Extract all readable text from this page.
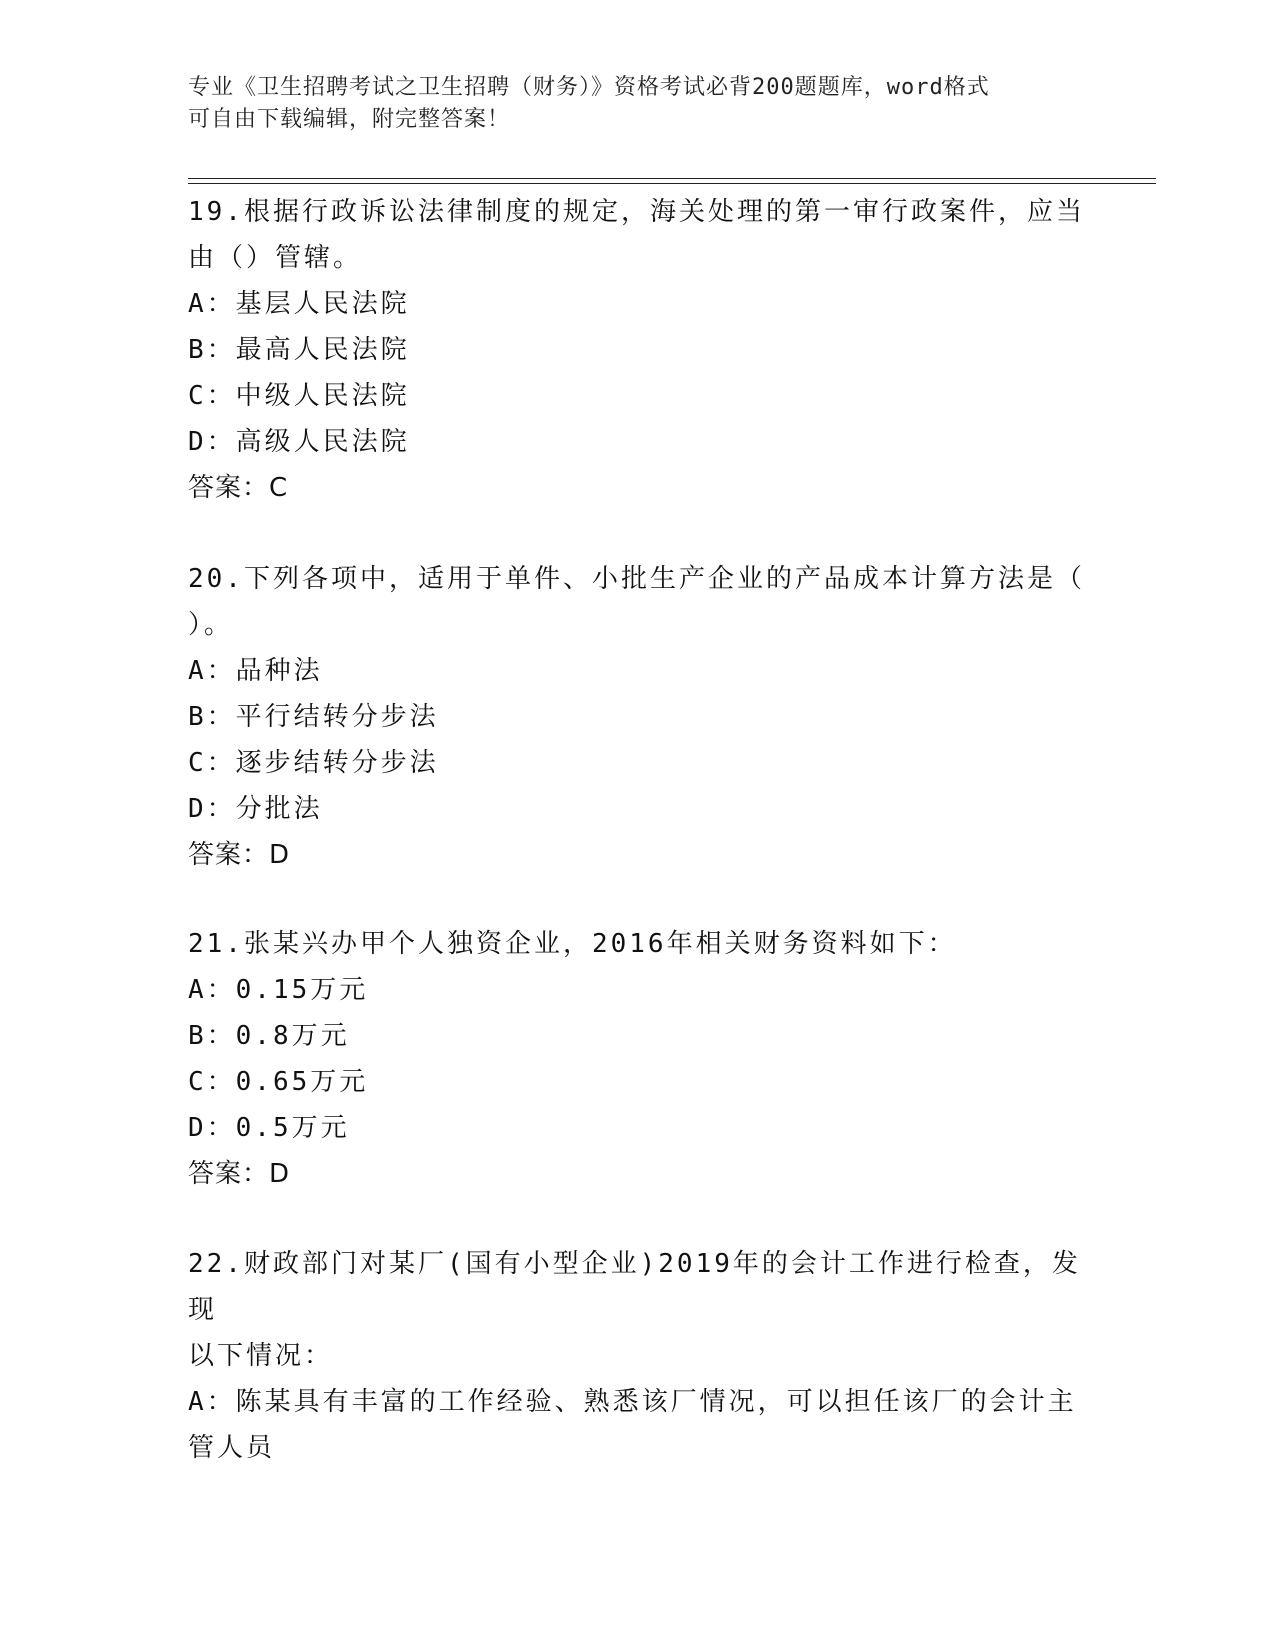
专业《卫生招聘考试之卫生招聘（财务）》资格考试必背200题题库，word格式
可自由下载编辑，附完整答案！

19.根据行政诉讼法律制度的规定，海关处理的第一审行政案件，应当

由（）管辖。

A：基层人民法院

B：最高人民法院

C：中级人民法院

D：高级人民法院

答案：C

20.下列各项中，适用于单件、小批生产企业的产品成本计算方法是（

）。

A：品种法

B：平行结转分步法

C：逐步结转分步法

D：分批法

答案：D

21.张某兴办甲个人独资企业，2016年相关财务资料如下：

A：0.15万元

B：0.8万元

C：0.65万元

D：0.5万元

答案：D

22.财政部门对某厂(国有小型企业)2019年的会计工作进行检查，发现

以下情况：

A：陈某具有丰富的工作经验、熟悉该厂情况，可以担任该厂的会计主

管人员
